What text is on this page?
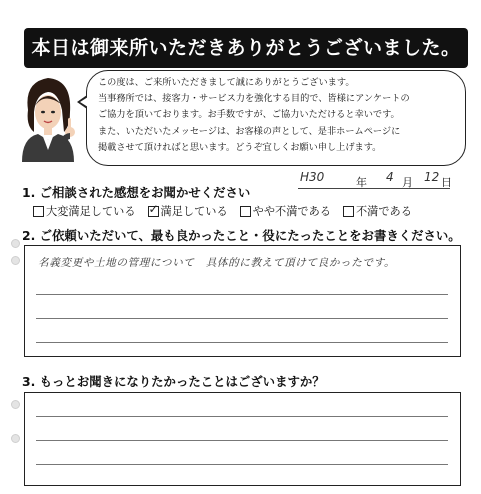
本日は御来所いただきありがとうございました。
この度は、ご来所いただきまして誠にありがとうございます。
当事務所では、接客力・サービス力を強化する目的で、皆様にアンケートの
ご協力を頂いております。お手数ですが、ご協力いただけると幸いです。
また、いただいたメッセージは、お客様の声として、是非ホームページに
掲載させて頂ければと思います。どうぞ宜しくお願い申し上げます。
1. ご相談された感想をお聞かせください
H30	年 4 月 12 日
大変満足している ✓ 満足している やや不満である 不満である
2. ご依頼いただいて、最も良かったこと・役にたったことをお書きください。
名義変更や土地の管理について　具体的に教えて頂けて良かったです。
3. もっとお聞きになりたかったことはございますか？
